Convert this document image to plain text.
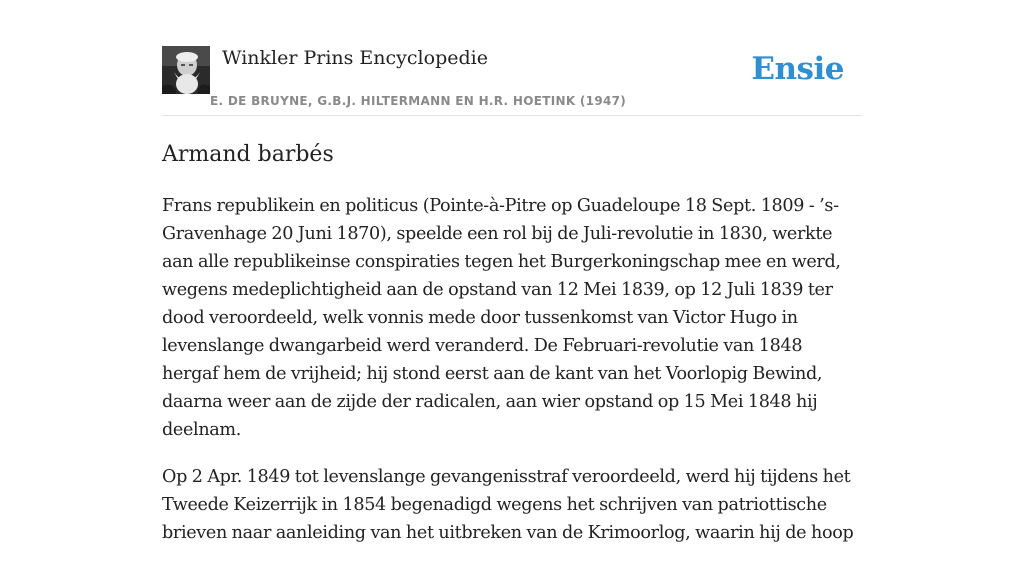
Winkler Prins Encyclopedie
E. DE BRUYNE, G.B.J. HILTERMANN EN H.R. HOETINK (1947)
Ensie
Armand barbés

Frans republikein en politicus (Pointe-à-Pitre op Guadeloupe 18 Sept. 1809 - ’s-Gravenhage 20 Juni 1870), speelde een rol bij de Juli-revolutie in 1830, werkte aan alle republikeinse conspiraties tegen het Burgerkoningschap mee en werd, wegens medeplichtigheid aan de opstand van 12 Mei 1839, op 12 Juli 1839 ter dood veroordeeld, welk vonnis mede door tussenkomst van Victor Hugo in levenslange dwangarbeid werd veranderd. De Februari-revolutie van 1848 hergaf hem de vrijheid; hij stond eerst aan de kant van het Voorlopig Bewind, daarna weer aan de zijde der radicalen, aan wier opstand op 15 Mei 1848 hij deelnam.

Op 2 Apr. 1849 tot levenslange gevangenisstraf veroordeeld, werd hij tijdens het Tweede Keizerrijk in 1854 begenadigd wegens het schrijven van patriottische brieven naar aanleiding van het uitbreken van de Krimoorlog, waarin hij de hoop
